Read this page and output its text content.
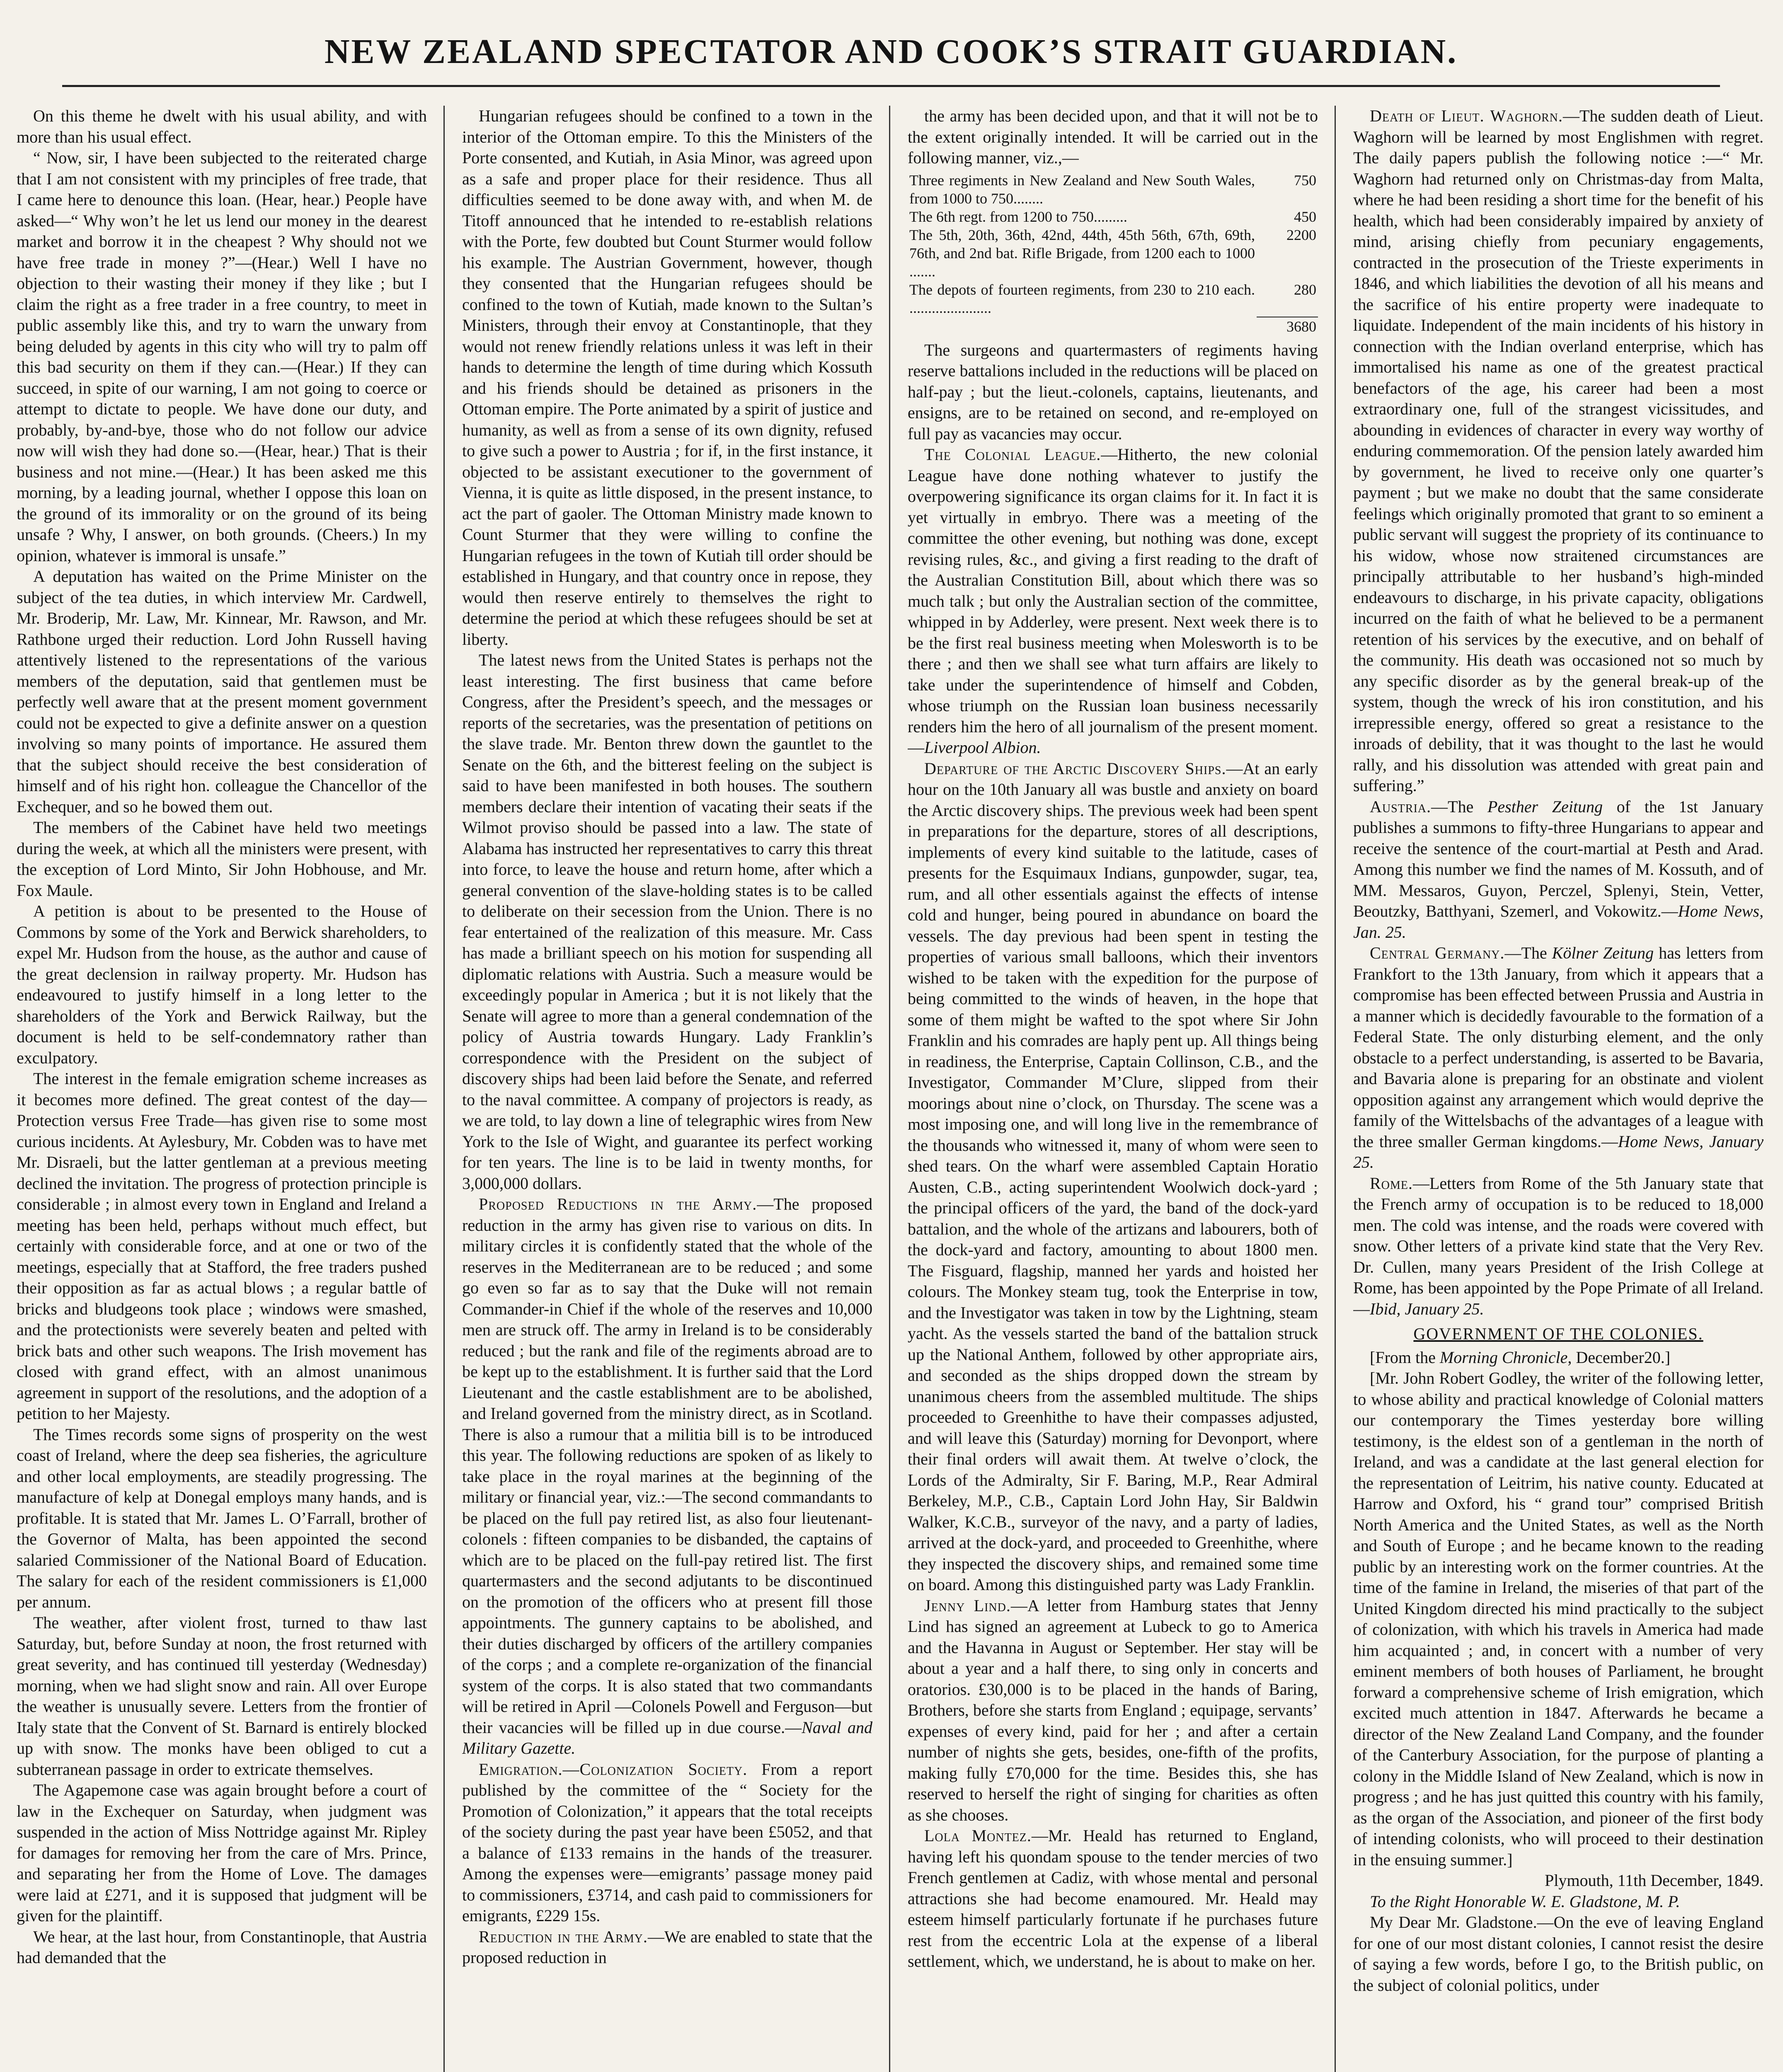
NEW ZEALAND SPECTATOR AND COOK’S STRAIT GUARDIAN.

On this theme he dwelt with his usual ability, and with more than his usual effect.

“ Now, sir, I have been subjected to the reiterated charge that I am not consistent with my principles of free trade, that I came here to denounce this loan. (Hear, hear.) People have asked—“ Why won’t he let us lend our money in the dearest market and borrow it in the cheapest ? Why should not we have free trade in money ?”—(Hear.) Well I have no objection to their wasting their money if they like ; but I claim the right as a free trader in a free country, to meet in public assembly like this, and try to warn the unwary from being deluded by agents in this city who will try to palm off this bad security on them if they can.—(Hear.) If they can succeed, in spite of our warning, I am not going to coerce or attempt to dictate to people. We have done our duty, and probably, by-and-bye, those who do not follow our advice now will wish they had done so.—(Hear, hear.) That is their business and not mine.—(Hear.) It has been asked me this morning, by a leading journal, whether I oppose this loan on the ground of its immorality or on the ground of its being unsafe ? Why, I answer, on both grounds. (Cheers.) In my opinion, whatever is immoral is unsafe.”

A deputation has waited on the Prime Minister on the subject of the tea duties, in which interview Mr. Cardwell, Mr. Broderip, Mr. Law, Mr. Kinnear, Mr. Rawson, and Mr. Rathbone urged their reduction. Lord John Russell having attentively listened to the representations of the various members of the deputation, said that gentlemen must be perfectly well aware that at the present moment government could not be expected to give a definite answer on a question involving so many points of importance. He assured them that the subject should receive the best consideration of himself and of his right hon. colleague the Chancellor of the Exchequer, and so he bowed them out.

The members of the Cabinet have held two meetings during the week, at which all the ministers were present, with the exception of Lord Minto, Sir John Hobhouse, and Mr. Fox Maule.

A petition is about to be presented to the House of Commons by some of the York and Berwick shareholders, to expel Mr. Hudson from the house, as the author and cause of the great declension in railway property. Mr. Hudson has endeavoured to justify himself in a long letter to the shareholders of the York and Berwick Railway, but the document is held to be self-condemnatory rather than exculpatory.

The interest in the female emigration scheme increases as it becomes more defined. The great contest of the day—Protection versus Free Trade—has given rise to some most curious incidents. At Aylesbury, Mr. Cobden was to have met Mr. Disraeli, but the latter gentleman at a previous meeting declined the invitation. The progress of protection principle is considerable ; in almost every town in England and Ireland a meeting has been held, perhaps without much effect, but certainly with considerable force, and at one or two of the meetings, especially that at Stafford, the free traders pushed their opposition as far as actual blows ; a regular battle of bricks and bludgeons took place ; windows were smashed, and the protectionists were severely beaten and pelted with brick bats and other such weapons. The Irish movement has closed with grand effect, with an almost unanimous agreement in support of the resolutions, and the adoption of a petition to her Majesty.

The Times records some signs of prosperity on the west coast of Ireland, where the deep sea fisheries, the agriculture and other local employments, are steadily progressing. The manufacture of kelp at Donegal employs many hands, and is profitable. It is stated that Mr. James L. O’Farrall, brother of the Governor of Malta, has been appointed the second salaried Commissioner of the National Board of Education. The salary for each of the resident commissioners is £1,000 per annum.

The weather, after violent frost, turned to thaw last Saturday, but, before Sunday at noon, the frost returned with great severity, and has continued till yesterday (Wednesday) morning, when we had slight snow and rain. All over Europe the weather is unusually severe. Letters from the frontier of Italy state that the Convent of St. Barnard is entirely blocked up with snow. The monks have been obliged to cut a subterranean passage in order to extricate themselves.

The Agapemone case was again brought before a court of law in the Exchequer on Saturday, when judgment was suspended in the action of Miss Nottridge against Mr. Ripley for damages for removing her from the care of Mrs. Prince, and separating her from the Home of Love. The damages were laid at £271, and it is supposed that judgment will be given for the plaintiff.

We hear, at the last hour, from Constantinople, that Austria had demanded that the

Hungarian refugees should be confined to a town in the interior of the Ottoman empire. To this the Ministers of the Porte consented, and Kutiah, in Asia Minor, was agreed upon as a safe and proper place for their residence. Thus all difficulties seemed to be done away with, and when M. de Titoff announced that he intended to re-establish relations with the Porte, few doubted but Count Sturmer would follow his example. The Austrian Government, however, though they consented that the Hungarian refugees should be confined to the town of Kutiah, made known to the Sultan’s Ministers, through their envoy at Constantinople, that they would not renew friendly relations unless it was left in their hands to determine the length of time during which Kossuth and his friends should be detained as prisoners in the Ottoman empire. The Porte animated by a spirit of justice and humanity, as well as from a sense of its own dignity, refused to give such a power to Austria ; for if, in the first instance, it objected to be assistant executioner to the government of Vienna, it is quite as little disposed, in the present instance, to act the part of gaoler. The Ottoman Ministry made known to Count Sturmer that they were willing to confine the Hungarian refugees in the town of Kutiah till order should be established in Hungary, and that country once in repose, they would then reserve entirely to themselves the right to determine the period at which these refugees should be set at liberty.

The latest news from the United States is perhaps not the least interesting. The first business that came before Congress, after the President’s speech, and the messages or reports of the secretaries, was the presentation of petitions on the slave trade. Mr. Benton threw down the gauntlet to the Senate on the 6th, and the bitterest feeling on the subject is said to have been manifested in both houses. The southern members declare their intention of vacating their seats if the Wilmot proviso should be passed into a law. The state of Alabama has instructed her representatives to carry this threat into force, to leave the house and return home, after which a general convention of the slave-holding states is to be called to deliberate on their secession from the Union. There is no fear entertained of the realization of this measure. Mr. Cass has made a brilliant speech on his motion for suspending all diplomatic relations with Austria. Such a measure would be exceedingly popular in America ; but it is not likely that the Senate will agree to more than a general condemnation of the policy of Austria towards Hungary. Lady Franklin’s correspondence with the President on the subject of discovery ships had been laid before the Senate, and referred to the naval committee. A company of projectors is ready, as we are told, to lay down a line of telegraphic wires from New York to the Isle of Wight, and guarantee its perfect working for ten years. The line is to be laid in twenty months, for 3,000,000 dollars.

Proposed Reductions in the Army.—The proposed reduction in the army has given rise to various on dits. In military circles it is confidently stated that the whole of the reserves in the Mediterranean are to be reduced ; and some go even so far as to say that the Duke will not remain Commander-in Chief if the whole of the reserves and 10,000 men are struck off. The army in Ireland is to be considerably reduced ; but the rank and file of the regiments abroad are to be kept up to the establishment. It is further said that the Lord Lieutenant and the castle establishment are to be abolished, and Ireland governed from the ministry direct, as in Scotland. There is also a rumour that a militia bill is to be introduced this year. The following reductions are spoken of as likely to take place in the royal marines at the beginning of the military or financial year, viz.:—The second commandants to be placed on the full pay retired list, as also four lieutenant-colonels : fifteen companies to be disbanded, the captains of which are to be placed on the full-pay retired list. The first quartermasters and the second adjutants to be discontinued on the promotion of the officers who at present fill those appointments. The gunnery captains to be abolished, and their duties discharged by officers of the artillery companies of the corps ; and a complete re-organization of the financial system of the corps. It is also stated that two commandants will be retired in April —Colonels Powell and Ferguson—but their vacancies will be filled up in due course.—Naval and Military Gazette.

Emigration.—Colonization Society. From a report published by the committee of the “ Society for the Promotion of Colonization,” it appears that the total receipts of the society during the past year have been £5052, and that a balance of £133 remains in the hands of the treasurer. Among the expenses were—emigrants’ passage money paid to commissioners, £3714, and cash paid to commissioners for emigrants, £229 15s.

Reduction in the Army.—We are enabled to state that the proposed reduction in

the army has been decided upon, and that it will not be to the extent originally intended. It will be carried out in the following manner, viz.,—

Three regiments in New Zealand and New South Wales, from 1000 to 750........	750
The 6th regt. from 1200 to 750.........	450
The 5th, 20th, 36th, 42nd, 44th, 45th 56th, 67th, 69th, 76th, and 2nd bat. Rifle Brigade, from 1200 each to 1000 .......	2200
The depots of fourteen regiments, from 230 to 210 each. ......................	280
	3680

The surgeons and quartermasters of regiments having reserve battalions included in the reductions will be placed on half-pay ; but the lieut.-colonels, captains, lieutenants, and ensigns, are to be retained on second, and re-employed on full pay as vacancies may occur.

The Colonial League.—Hitherto, the new colonial League have done nothing whatever to justify the overpowering significance its organ claims for it. In fact it is yet virtually in embryo. There was a meeting of the committee the other evening, but nothing was done, except revising rules, &c., and giving a first reading to the draft of the Australian Constitution Bill, about which there was so much talk ; but only the Australian section of the committee, whipped in by Adderley, were present. Next week there is to be the first real business meeting when Molesworth is to be there ; and then we shall see what turn affairs are likely to take under the superintendence of himself and Cobden, whose triumph on the Russian loan business necessarily renders him the hero of all journalism of the present moment.—Liverpool Albion.

Departure of the Arctic Discovery Ships.—At an early hour on the 10th January all was bustle and anxiety on board the Arctic discovery ships. The previous week had been spent in preparations for the departure, stores of all descriptions, implements of every kind suitable to the latitude, cases of presents for the Esquimaux Indians, gunpowder, sugar, tea, rum, and all other essentials against the effects of intense cold and hunger, being poured in abundance on board the vessels. The day previous had been spent in testing the properties of various small balloons, which their inventors wished to be taken with the expedition for the purpose of being committed to the winds of heaven, in the hope that some of them might be wafted to the spot where Sir John Franklin and his comrades are haply pent up. All things being in readiness, the Enterprise, Captain Collinson, C.B., and the Investigator, Commander M’Clure, slipped from their moorings about nine o’clock, on Thursday. The scene was a most imposing one, and will long live in the remembrance of the thousands who witnessed it, many of whom were seen to shed tears. On the wharf were assembled Captain Horatio Austen, C.B., acting superintendent Woolwich dock-yard ; the principal officers of the yard, the band of the dock-yard battalion, and the whole of the artizans and labourers, both of the dock-yard and factory, amounting to about 1800 men. The Fisguard, flagship, manned her yards and hoisted her colours. The Monkey steam tug, took the Enterprise in tow, and the Investigator was taken in tow by the Lightning, steam yacht. As the vessels started the band of the battalion struck up the National Anthem, followed by other appropriate airs, and seconded as the ships dropped down the stream by unanimous cheers from the assembled multitude. The ships proceeded to Greenhithe to have their compasses adjusted, and will leave this (Saturday) morning for Devonport, where their final orders will await them. At twelve o’clock, the Lords of the Admiralty, Sir F. Baring, M.P., Rear Admiral Berkeley, M.P., C.B., Captain Lord John Hay, Sir Baldwin Walker, K.C.B., surveyor of the navy, and a party of ladies, arrived at the dock-yard, and proceeded to Greenhithe, where they inspected the discovery ships, and remained some time on board. Among this distinguished party was Lady Franklin.

Jenny Lind.—A letter from Hamburg states that Jenny Lind has signed an agreement at Lubeck to go to America and the Havanna in August or September. Her stay will be about a year and a half there, to sing only in concerts and oratorios. £30,000 is to be placed in the hands of Baring, Brothers, before she starts from England ; equipage, servants’ expenses of every kind, paid for her ; and after a certain number of nights she gets, besides, one-fifth of the profits, making fully £70,000 for the time. Besides this, she has reserved to herself the right of singing for charities as often as she chooses.

Lola Montez.—Mr. Heald has returned to England, having left his quondam spouse to the tender mercies of two French gentlemen at Cadiz, with whose mental and personal attractions she had become enamoured. Mr. Heald may esteem himself particularly fortunate if he purchases future rest from the eccentric Lola at the expense of a liberal settlement, which, we understand, he is about to make on her.

Death of Lieut. Waghorn.—The sudden death of Lieut. Waghorn will be learned by most Englishmen with regret. The daily papers publish the following notice :—“ Mr. Waghorn had returned only on Christmas-day from Malta, where he had been residing a short time for the benefit of his health, which had been considerably impaired by anxiety of mind, arising chiefly from pecuniary engagements, contracted in the prosecution of the Trieste experiments in 1846, and which liabilities the devotion of all his means and the sacrifice of his entire property were inadequate to liquidate. Independent of the main incidents of his history in connection with the Indian overland enterprise, which has immortalised his name as one of the greatest practical benefactors of the age, his career had been a most extraordinary one, full of the strangest vicissitudes, and abounding in evidences of character in every way worthy of enduring commemoration. Of the pension lately awarded him by government, he lived to receive only one quarter’s payment ; but we make no doubt that the same considerate feelings which originally promoted that grant to so eminent a public servant will suggest the propriety of its continuance to his widow, whose now straitened circumstances are principally attributable to her husband’s high-minded endeavours to discharge, in his private capacity, obligations incurred on the faith of what he believed to be a permanent retention of his services by the executive, and on behalf of the community. His death was occasioned not so much by any specific disorder as by the general break-up of the system, though the wreck of his iron constitution, and his irrepressible energy, offered so great a resistance to the inroads of debility, that it was thought to the last he would rally, and his dissolution was attended with great pain and suffering.”

Austria.—The Pesther Zeitung of the 1st January publishes a summons to fifty-three Hungarians to appear and receive the sentence of the court-martial at Pesth and Arad. Among this number we find the names of M. Kossuth, and of MM. Messaros, Guyon, Perczel, Splenyi, Stein, Vetter, Beoutzky, Batthyani, Szemerl, and Vokowitz.—Home News, Jan. 25.

Central Germany.—The Kölner Zeitung has letters from Frankfort to the 13th January, from which it appears that a compromise has been effected between Prussia and Austria in a manner which is decidedly favourable to the formation of a Federal State. The only disturbing element, and the only obstacle to a perfect understanding, is asserted to be Bavaria, and Bavaria alone is preparing for an obstinate and violent opposition against any arrangement which would deprive the family of the Wittelsbachs of the advantages of a league with the three smaller German kingdoms.—Home News, January 25.

Rome.—Letters from Rome of the 5th January state that the French army of occupation is to be reduced to 18,000 men. The cold was intense, and the roads were covered with snow. Other letters of a private kind state that the Very Rev. Dr. Cullen, many years President of the Irish College at Rome, has been appointed by the Pope Primate of all Ireland.—Ibid, January 25.

GOVERNMENT OF THE COLONIES.

[From the Morning Chronicle, December20.]

[Mr. John Robert Godley, the writer of the following letter, to whose ability and practical knowledge of Colonial matters our contemporary the Times yesterday bore willing testimony, is the eldest son of a gentleman in the north of Ireland, and was a candidate at the last general election for the representation of Leitrim, his native county. Educated at Harrow and Oxford, his “ grand tour” comprised British North America and the United States, as well as the North and South of Europe ; and he became known to the reading public by an interesting work on the former countries. At the time of the famine in Ireland, the miseries of that part of the United Kingdom directed his mind practically to the subject of colonization, with which his travels in America had made him acquainted ; and, in concert with a number of very eminent members of both houses of Parliament, he brought forward a comprehensive scheme of Irish emigration, which excited much attention in 1847. Afterwards he became a director of the New Zealand Land Company, and the founder of the Canterbury Association, for the purpose of planting a colony in the Middle Island of New Zealand, which is now in progress ; and he has just quitted this country with his family, as the organ of the Association, and pioneer of the first body of intending colonists, who will proceed to their destination in the ensuing summer.]

Plymouth, 11th December, 1849.

To the Right Honorable W. E. Gladstone, M. P.

My Dear Mr. Gladstone.—On the eve of leaving England for one of our most distant colonies, I cannot resist the desire of saying a few words, before I go, to the British public, on the subject of colonial politics, under
